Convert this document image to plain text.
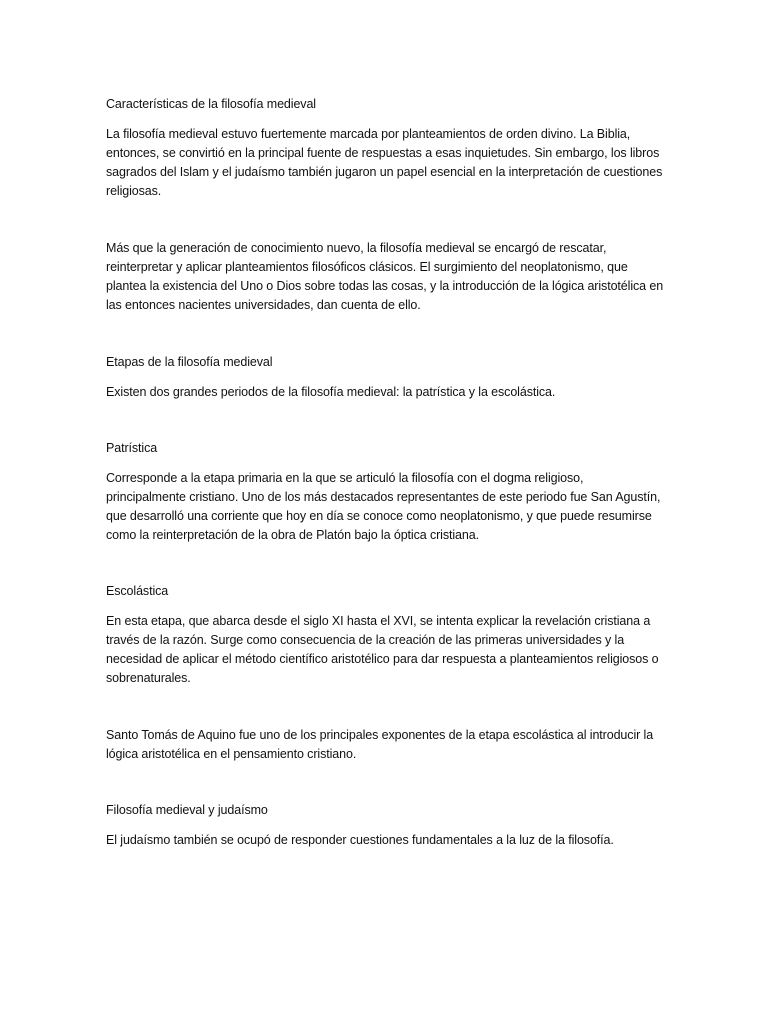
Características de la filosofía medieval

La filosofía medieval estuvo fuertemente marcada por planteamientos de orden divino. La Biblia, entonces, se convirtió en la principal fuente de respuestas a esas inquietudes. Sin embargo, los libros sagrados del Islam y el judaísmo también jugaron un papel esencial en la interpretación de cuestiones religiosas.

Más que la generación de conocimiento nuevo, la filosofía medieval se encargó de rescatar, reinterpretar y aplicar planteamientos filosóficos clásicos. El surgimiento del neoplatonismo, que plantea la existencia del Uno o Dios sobre todas las cosas, y la introducción de la lógica aristotélica en las entonces nacientes universidades, dan cuenta de ello.

Etapas de la filosofía medieval

Existen dos grandes periodos de la filosofía medieval: la patrística y la escolástica.

Patrística

Corresponde a la etapa primaria en la que se articuló la filosofía con el dogma religioso, principalmente cristiano. Uno de los más destacados representantes de este periodo fue San Agustín, que desarrolló una corriente que hoy en día se conoce como neoplatonismo, y que puede resumirse como la reinterpretación de la obra de Platón bajo la óptica cristiana.

Escolástica

En esta etapa, que abarca desde el siglo XI hasta el XVI, se intenta explicar la revelación cristiana a través de la razón. Surge como consecuencia de la creación de las primeras universidades y la necesidad de aplicar el método científico aristotélico para dar respuesta a planteamientos religiosos o sobrenaturales.

Santo Tomás de Aquino fue uno de los principales exponentes de la etapa escolástica al introducir la lógica aristotélica en el pensamiento cristiano.

Filosofía medieval y judaísmo

El judaísmo también se ocupó de responder cuestiones fundamentales a la luz de la filosofía.
